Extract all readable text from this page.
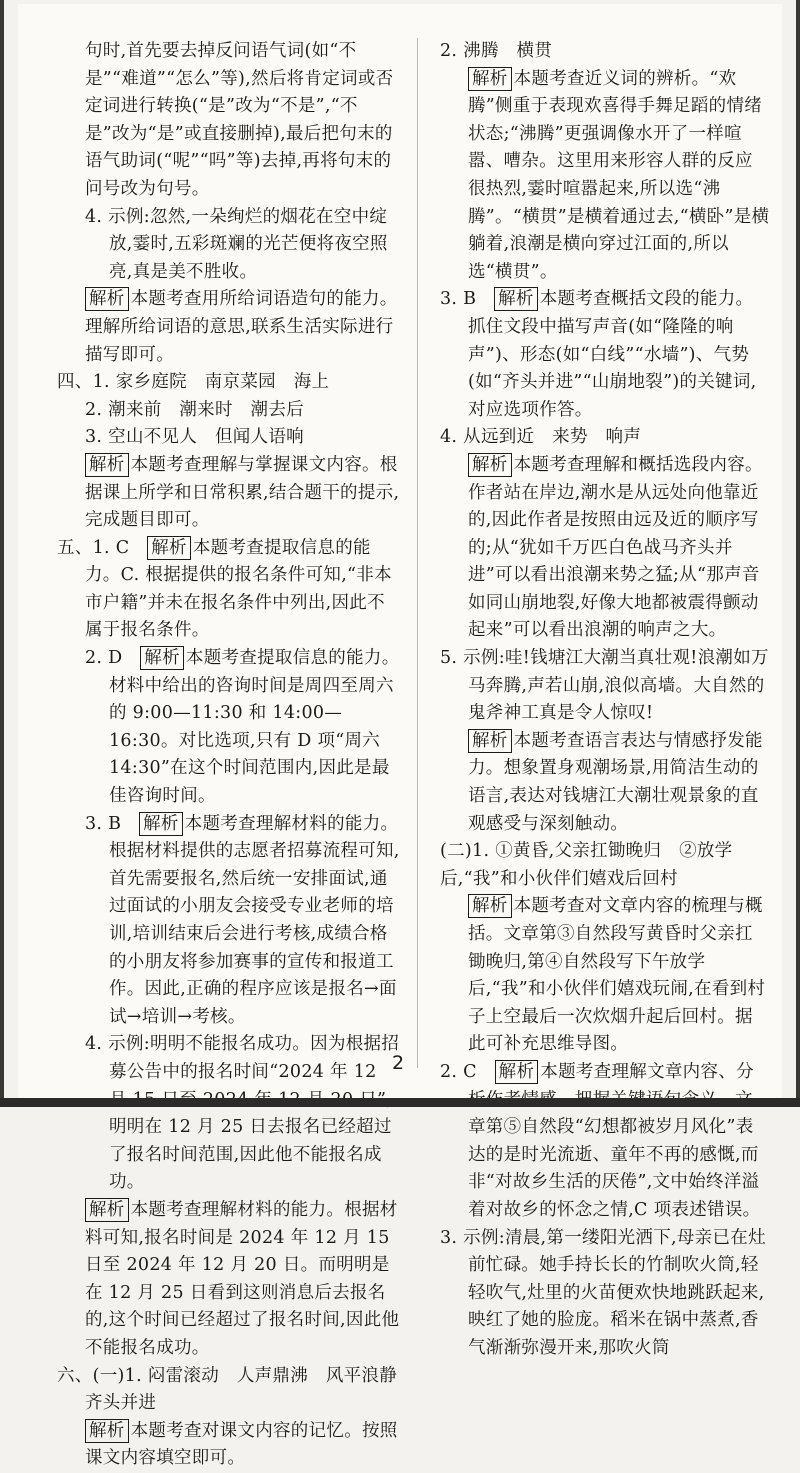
句时,首先要去掉反问语气词(如“不是”“难道”“怎么”等),然后将肯定词或否定词进行转换(“是”改为“不是”,“不是”改为“是”或直接删掉),最后把句末的语气助词(“呢”“吗”等)去掉,再将句末的问号改为句号。

4. 示例:忽然,一朵绚烂的烟花在空中绽放,霎时,五彩斑斓的光芒便将夜空照亮,真是美不胜收。

解析 本题考查用所给词语造句的能力。理解所给词语的意思,联系生活实际进行描写即可。

四、1. 家乡庭院　南京菜园　海上

2. 潮来前　潮来时　潮去后

3. 空山不见人　但闻人语响

解析 本题考查理解与掌握课文内容。根据课上所学和日常积累,结合题干的提示,完成题目即可。

五、1. C　解析 本题考查提取信息的能力。C. 根据提供的报名条件可知,“非本市户籍”并未在报名条件中列出,因此不属于报名条件。

2. D　解析 本题考查提取信息的能力。材料中给出的咨询时间是周四至周六的 9:00—11:30 和 14:00—16:30。对比选项,只有 D 项“周六 14:30”在这个时间范围内,因此是最佳咨询时间。

3. B　解析 本题考查理解材料的能力。根据材料提供的志愿者招募流程可知,首先需要报名,然后统一安排面试,通过面试的小朋友会接受专业老师的培训,培训结束后会进行考核,成绩合格的小朋友将参加赛事的宣传和报道工作。因此,正确的程序应该是报名→面试→培训→考核。

4. 示例:明明不能报名成功。因为根据招募公告中的报名时间“2024 年 12 明明在 12 月 25 日去报名已经超过了报名时间范围,因此他不能报名成功。

解析 本题考查理解材料的能力。根据材料可知,报名时间是 2024 年 12 月 15 日至 2024 年 12 月 20 日。而明明是在 12 月 25 日看到这则消息后去报名的,这个时间已经超过了报名时间,因此他不能报名成功。

六、(一)1. 闷雷滚动　人声鼎沸　风平浪静　齐头并进

解析 本题考查对课文内容的记忆。按照课文内容填空即可。

2. 沸腾　横贯

解析 本题考查近义词的辨析。“欢腾”侧重于表现欢喜得手舞足蹈的情绪状态;“沸腾”更强调像水开了一样喧嚣、嘈杂。这里用来形容人群的反应很热烈,霎时喧嚣起来,所以选“沸腾”。“横贯”是横着通过去,“横卧”是横躺着,浪潮是横向穿过江面的,所以选“横贯”。

3. B　解析 本题考查概括文段的能力。抓住文段中描写声音(如“隆隆的响声”)、形态(如“白线”“水墙”)、气势(如“齐头并进”“山崩地裂”)的关键词,对应选项作答。

4. 从远到近　来势　响声

解析 本题考查理解和概括选段内容。作者站在岸边,潮水是从远处向他靠近的,因此作者是按照由远及近的顺序写的;从“犹如千万匹白色战马齐头并进”可以看出浪潮来势之猛;从“那声音如同山崩地裂,好像大地都被震得颤动起来”可以看出浪潮的响声之大。

5. 示例:哇!钱塘江大潮当真壮观!浪潮如万马奔腾,声若山崩,浪似高墙。大自然的鬼斧神工真是令人惊叹!

解析 本题考查语言表达与情感抒发能力。想象置身观潮场景,用简洁生动的语言,表达对钱塘江大潮壮观景象的直观感受与深刻触动。

(二)1. ①黄昏,父亲扛锄晚归　②放学后,“我”和小伙伴们嬉戏后回村

解析 本题考查对文章内容的梳理与概括。文章第③自然段写黄昏时父亲扛锄晚归,第④自然段写下午放学后,“我”和小伙伴们嬉戏玩闹,在看到村子上空最后一次炊烟升起后回村。据此可补充思维导图。

2. C　解析 本题考查理解文章内容、分 章第⑤自然段“幻想都被岁月风化”表达的是时光流逝、童年不再的感慨,而非“对故乡生活的厌倦”,文中始终洋溢着对故乡的怀念之情,C 项表述错误。

3. 示例:清晨,第一缕阳光洒下,母亲已在灶前忙碌。她手持长长的竹制吹火筒,轻轻吹气,灶里的火苗便欢快地跳跃起来,映红了她的脸庞。稻米在锅中蒸煮,香气渐渐弥漫开来,那吹火筒

2
